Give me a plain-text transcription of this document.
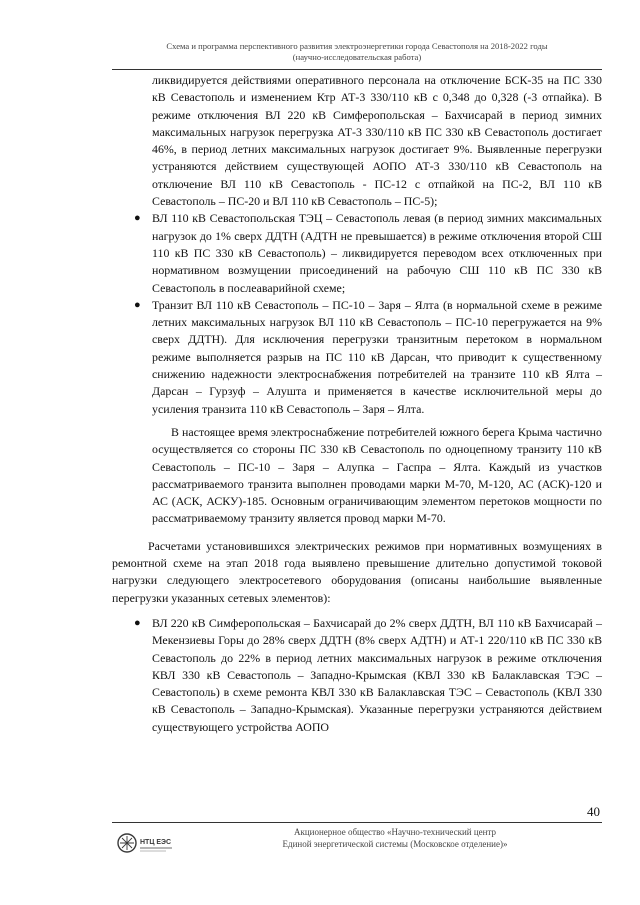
Схема и программа перспективного развития электроэнергетики города Севастополя на 2018-2022 годы
(научно-исследовательская работа)

ликвидируется действиями оперативного персонала на отключение БСК-35 на ПС 330 кВ Севастополь и изменением Ктр АТ-3 330/110 кВ с 0,348 до 0,328 (-3 отпайка). В режиме отключения ВЛ 220 кВ Симферопольская – Бахчисарай в период зимних максимальных нагрузок перегрузка АТ-3 330/110 кВ ПС 330 кВ Севастополь достигает 46%, в период летних максимальных нагрузок достигает 9%. Выявленные перегрузки устраняются действием существующей АОПО АТ-3 330/110 кВ Севастополь на отключение ВЛ 110 кВ Севастополь - ПС-12 с отпайкой на ПС-2, ВЛ 110 кВ Севастополь – ПС-20 и ВЛ 110 кВ Севастополь – ПС-5);

● ВЛ 110 кВ Севастопольская ТЭЦ – Севастополь левая (в период зимних максимальных нагрузок до 1% сверх ДДТН (АДТН не превышается) в режиме отключения второй СШ 110 кВ ПС 330 кВ Севастополь) – ликвидируется переводом всех отключенных при нормативном возмущении присоединений на рабочую СШ 110 кВ ПС 330 кВ Севастополь в послеаварийной схеме;
● Транзит ВЛ 110 кВ Севастополь – ПС-10 – Заря – Ялта (в нормальной схеме в режиме летних максимальных нагрузок ВЛ 110 кВ Севастополь – ПС-10 перегружается на 9% сверх ДДТН). Для исключения перегрузки транзитным перетоком в нормальном режиме выполняется разрыв на ПС 110 кВ Дарсан, что приводит к существенному снижению надежности электроснабжения потребителей на транзите 110 кВ Ялта – Дарсан – Гурзуф – Алушта и применяется в качестве исключительной меры до усиления транзита 110 кВ Севастополь – Заря – Ялта.

В настоящее время электроснабжение потребителей южного берега Крыма частично осуществляется со стороны ПС 330 кВ Севастополь по одноцепному транзиту 110 кВ Севастополь – ПС-10 – Заря – Алупка – Гаспра – Ялта. Каждый из участков рассматриваемого транзита выполнен проводами марки М-70, М-120, АС (АСК)-120 и АС (АСК, АСКУ)-185. Основным ограничивающим элементом перетоков мощности по рассматриваемому транзиту является провод марки М-70.

Расчетами установившихся электрических режимов при нормативных возмущениях в ремонтной схеме на этап 2018 года выявлено превышение длительно допустимой токовой нагрузки следующего электросетевого оборудования (описаны наибольшие выявленные перегрузки указанных сетевых элементов):

● ВЛ 220 кВ Симферопольская – Бахчисарай до 2% сверх ДДТН, ВЛ 110 кВ Бахчисарай – Мекензиевы Горы до 28% сверх ДДТН (8% сверх АДТН) и АТ-1 220/110 кВ ПС 330 кВ Севастополь до 22% в период летних максимальных нагрузок в режиме отключения КВЛ 330 кВ Севастополь – Западно-Крымская (КВЛ 330 кВ Балаклавская ТЭС – Севастополь) в схеме ремонта КВЛ 330 кВ Балаклавская ТЭС – Севастополь (КВЛ 330 кВ Севастополь – Западно-Крымская). Указанные перегрузки устраняются действием существующего устройства АОПО
40
НТЦ ЕЭС
Акционерное общество «Научно-технический центр
Единой энергетической системы (Московское отделение)»
